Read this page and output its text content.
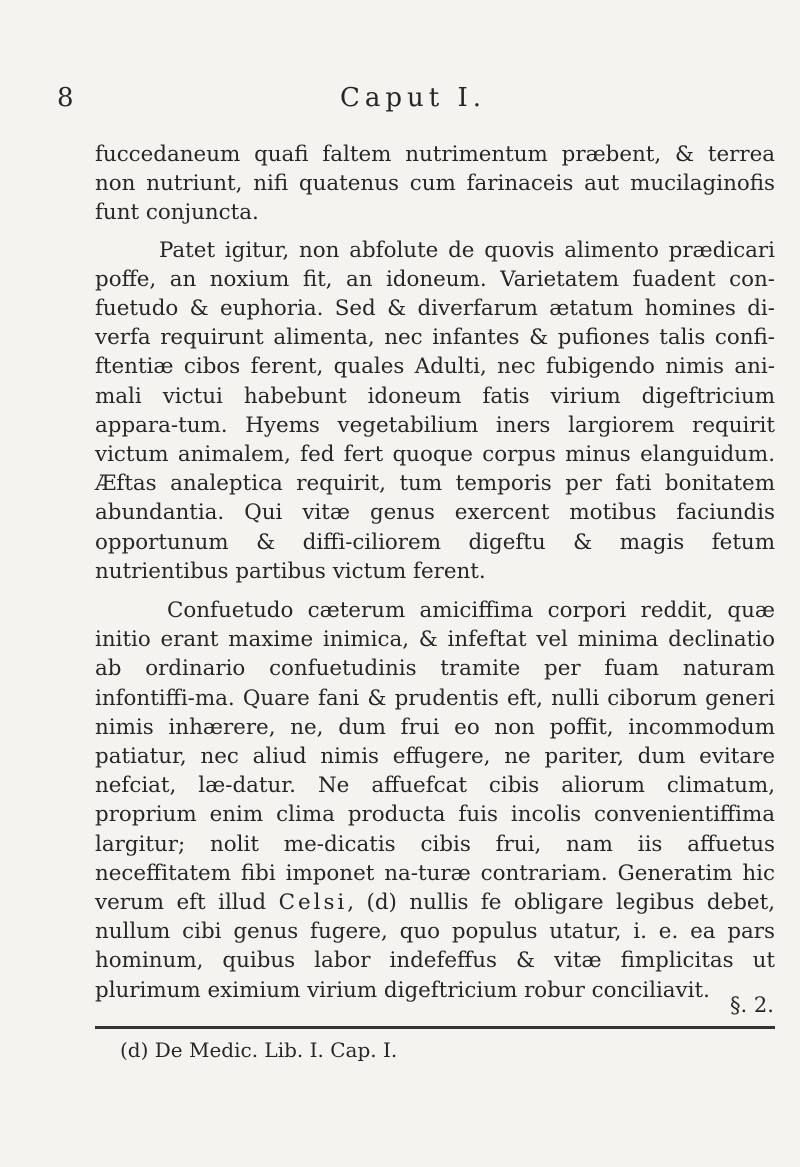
8	Caput I.

fuccedaneum quafi faltem nutrimentum præbent, & terrea non nutriunt, nifi quatenus cum farinaceis aut mucilaginofis funt conjuncta.

Patet igitur, non abfolute de quovis alimento prædicari poffe, an noxium fit, an idoneum. Varietatem fuadent con-fuetudo & euphoria. Sed & diverfarum ætatum homines di-verfa requirunt alimenta, nec infantes & pufiones talis confi-ftentiæ cibos ferent, quales Adulti, nec fubigendo nimis ani-mali victui habebunt idoneum fatis virium digeftricium appara-tum. Hyems vegetabilium iners largiorem requirit victum animalem, fed fert quoque corpus minus elanguidum. Æftas analeptica requirit, tum temporis per fati bonitatem abundantia. Qui vitæ genus exercent motibus faciundis opportunum & diffi-ciliorem digeftu & magis fetum nutrientibus partibus victum ferent.

Confuetudo cæterum amiciffima corpori reddit, quæ initio erant maxime inimica, & infeftat vel minima declinatio ab ordinario confuetudinis tramite per fuam naturam infontiffi-ma. Quare fani & prudentis eft, nulli ciborum generi nimis inhærere, ne, dum frui eo non poffit, incommodum patiatur, nec aliud nimis effugere, ne pariter, dum evitare nefciat, læ-datur. Ne affuefcat cibis aliorum climatum, proprium enim clima producta fuis incolis convenientiffima largitur; nolit me-dicatis cibis frui, nam iis affuetus neceffitatem fibi imponet na-turæ contrariam. Generatim hic verum eft illud Celsi, (d) nullis fe obligare legibus debet, nullum cibi genus fugere, quo populus utatur, i. e. ea pars hominum, quibus labor indefeffus & vitæ fimplicitas ut plurimum eximium virium digeftricium robur conciliavit.

§. 2.
(d) De Medic. Lib. I. Cap. I.
